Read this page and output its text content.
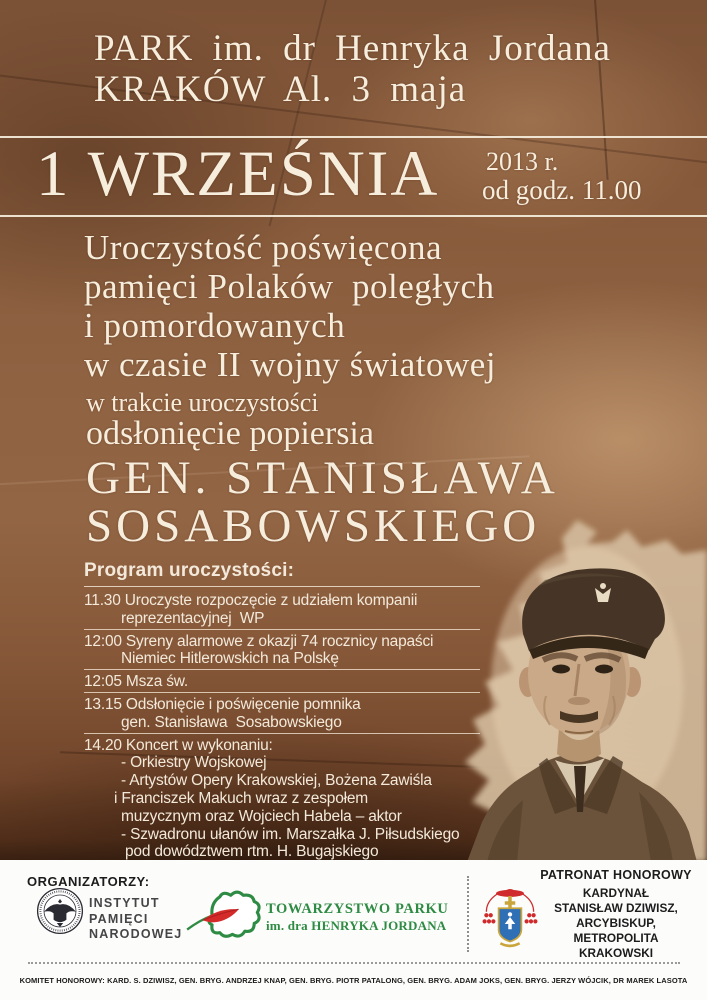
PARK im. dr Henryka Jordana
KRAKÓW Al. 3 maja
1 WRZEŚNIA 2013 r.
od godz. 11.00
Uroczystość poświęcona
pamięci Polaków  poległych
i pomordowanych
w czasie II wojny światowej
w trakcie uroczystości
odsłonięcie popiersia
GEN. STANISŁAWA
SOSABOWSKIEGO
Program uroczystości:
11.30 Uroczyste rozpoczęcie z udziałem kompanii
reprezentacyjnej  WP
12:00 Syreny alarmowe z okazji 74 rocznicy napaści
Niemiec Hitlerowskich na Polskę
12:05 Msza św.
13.15 Odsłonięcie i poświęcenie pomnika
gen. Stanisława  Sosabowskiego
14.20 Koncert w wykonaniu:
- Orkiestry Wojskowej
- Artystów Opery Krakowskiej, Bożena Zawiśla
i Franciszek Makuch wraz z zespołem
muzycznym oraz Wojciech Habela – aktor
- Szwadronu ułanów im. Marszałka J. Piłsudskiego
pod dowództwem rtm. H. Bugajskiego
ORGANIZATORZY:
INSTYTUT
PAMIĘCI
NARODOWEJ
TOWARZYSTWO PARKU
im. dra HENRYKA JORDANA
PATRONAT HONOROWY
KARDYNAŁ
STANISŁAW DZIWISZ,
ARCYBISKUP,
METROPOLITA KRAKOWSKI
KOMITET HONOROWY: KARD. S. DZIWISZ, GEN. BRYG. ANDRZEJ KNAP, GEN. BRYG. PIOTR PATALONG, GEN. BRYG. ADAM JOKS, GEN. BRYG. JERZY WÓJCIK, DR MAREK LASOTA
